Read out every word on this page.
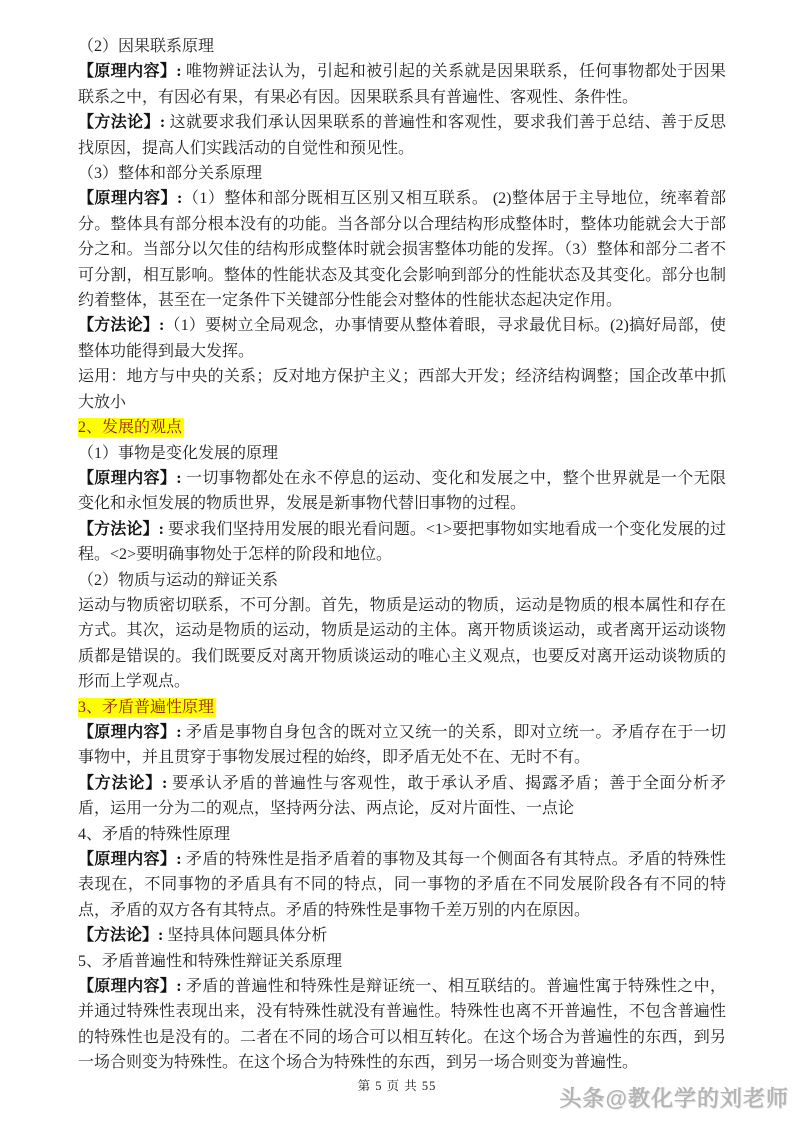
（2）因果联系原理

【原理内容】: 唯物辨证法认为，引起和被引起的关系就是因果联系，任何事物都处于因果联系之中，有因必有果，有果必有因。因果联系具有普遍性、客观性、条件性。

【方法论】: 这就要求我们承认因果联系的普遍性和客观性，要求我们善于总结、善于反思找原因，提高人们实践活动的自觉性和预见性。

（3）整体和部分关系原理

【原理内容】:（1）整体和部分既相互区别又相互联系。 (2)整体居于主导地位，统率着部分。整体具有部分根本没有的功能。当各部分以合理结构形成整体时，整体功能就会大于部分之和。当部分以欠佳的结构形成整体时就会损害整体功能的发挥。（3）整体和部分二者不可分割，相互影响。整体的性能状态及其变化会影响到部分的性能状态及其变化。部分也制约着整体，甚至在一定条件下关键部分性能会对整体的性能状态起决定作用。

【方法论】:（1）要树立全局观念，办事情要从整体着眼，寻求最优目标。(2)搞好局部，使整体功能得到最大发挥。

运用：地方与中央的关系；反对地方保护主义；西部大开发；经济结构调整；国企改革中抓大放小

2、发展的观点

（1）事物是变化发展的原理

【原理内容】: 一切事物都处在永不停息的运动、变化和发展之中，整个世界就是一个无限变化和永恒发展的物质世界，发展是新事物代替旧事物的过程。

【方法论】: 要求我们坚持用发展的眼光看问题。<1>要把事物如实地看成一个变化发展的过程。<2>要明确事物处于怎样的阶段和地位。

（2）物质与运动的辩证关系

运动与物质密切联系，不可分割。首先，物质是运动的物质，运动是物质的根本属性和存在方式。其次，运动是物质的运动，物质是运动的主体。离开物质谈运动，或者离开运动谈物质都是错误的。我们既要反对离开物质谈运动的唯心主义观点，也要反对离开运动谈物质的形而上学观点。

3、矛盾普遍性原理

【原理内容】: 矛盾是事物自身包含的既对立又统一的关系，即对立统一。矛盾存在于一切事物中，并且贯穿于事物发展过程的始终，即矛盾无处不在、无时不有。

【方法论】: 要承认矛盾的普遍性与客观性，敢于承认矛盾、揭露矛盾；善于全面分析矛盾，运用一分为二的观点，坚持两分法、两点论，反对片面性、一点论

4、矛盾的特殊性原理

【原理内容】: 矛盾的特殊性是指矛盾着的事物及其每一个侧面各有其特点。矛盾的特殊性表现在，不同事物的矛盾具有不同的特点，同一事物的矛盾在不同发展阶段各有不同的特点，矛盾的双方各有其特点。矛盾的特殊性是事物千差万别的内在原因。

【方法论】: 坚持具体问题具体分析

5、矛盾普遍性和特殊性辩证关系原理

【原理内容】: 矛盾的普遍性和特殊性是辩证统一、相互联结的。普遍性寓于特殊性之中，并通过特殊性表现出来，没有特殊性就没有普遍性。特殊性也离不开普遍性，不包含普遍性的特殊性也是没有的。二者在不同的场合可以相互转化。在这个场合为普遍性的东西，到另一场合则变为特殊性。在这个场合为特殊性的东西，到另一场合则变为普遍性。

第 5 页 共 55	头条@教化学的刘老师
